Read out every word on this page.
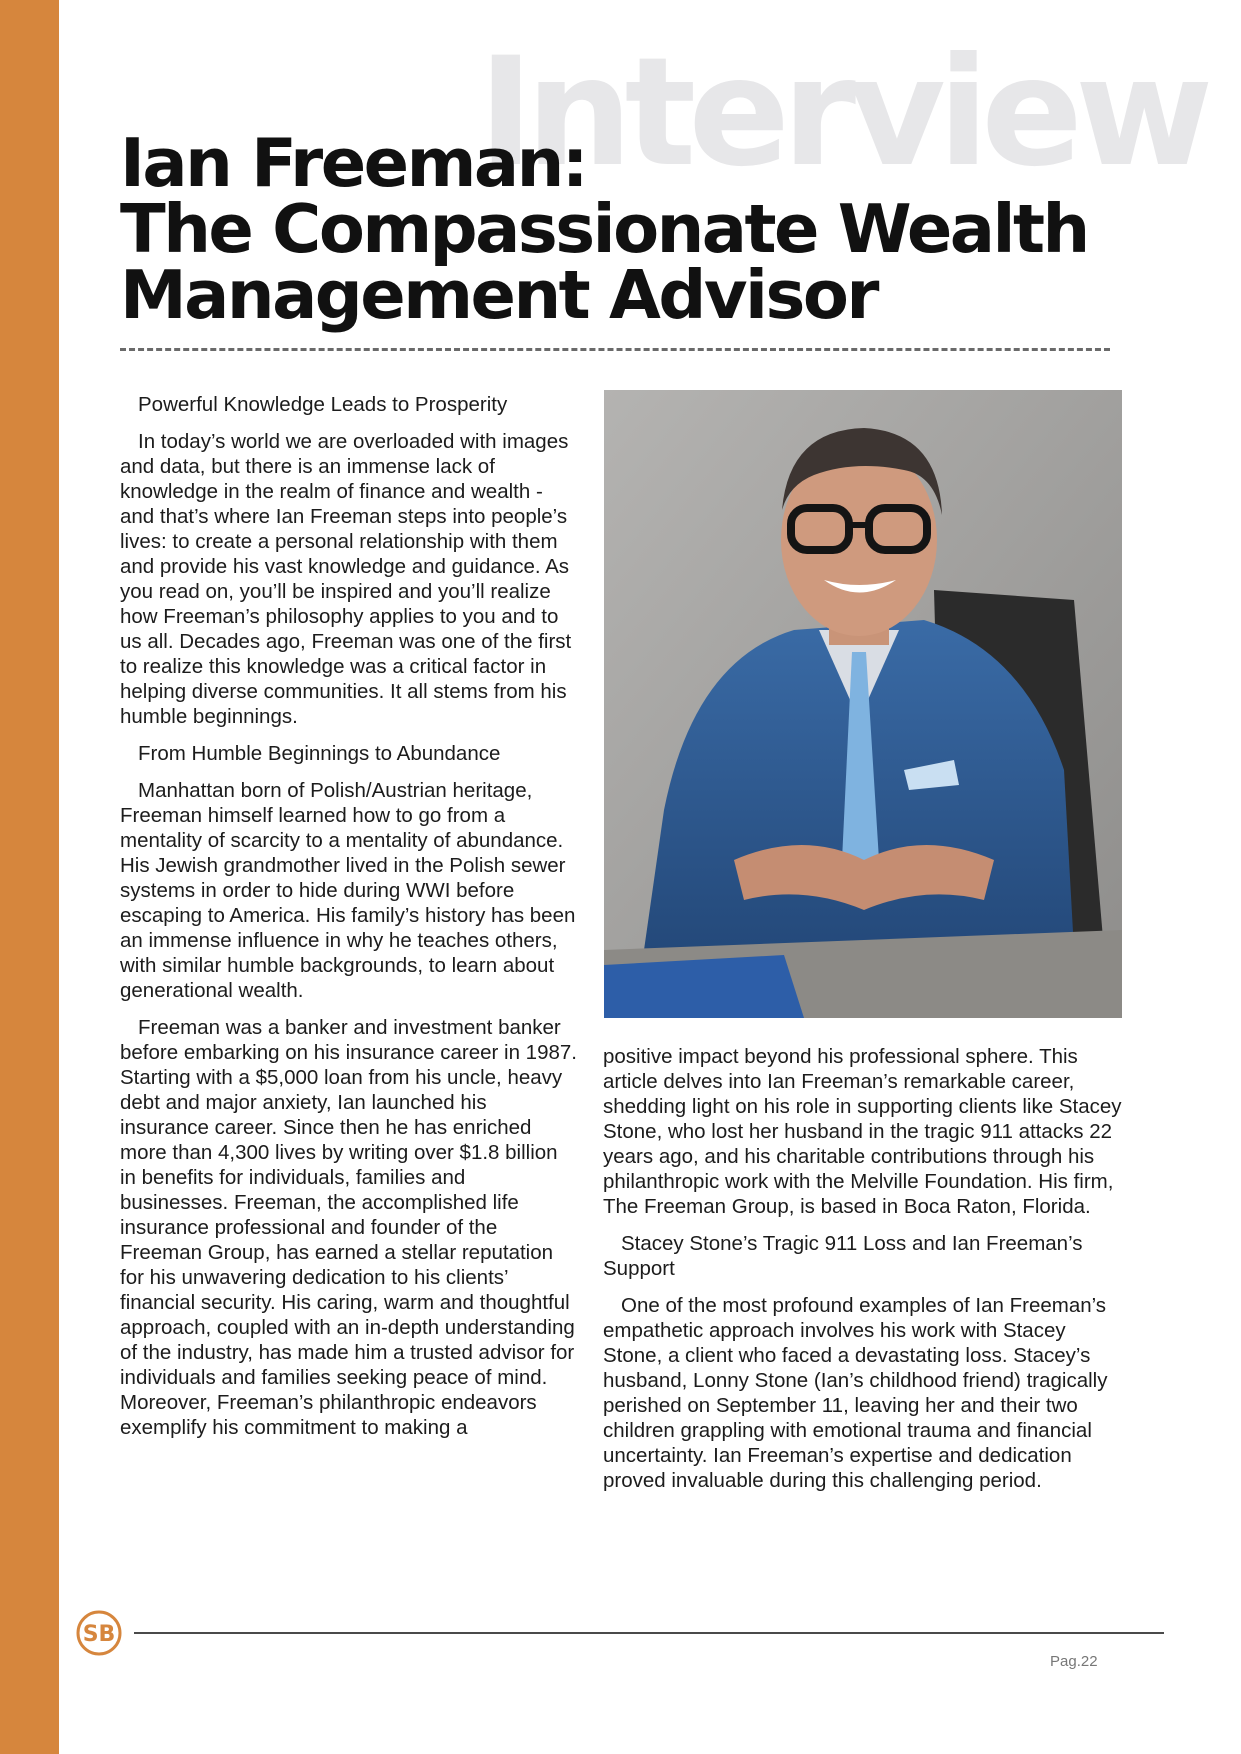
Interview
Ian Freeman:
The Compassionate Wealth
Management Advisor

Powerful Knowledge Leads to Prosperity

In today’s world we are overloaded with images and data, but there is an immense lack of knowledge in the realm of finance and wealth - and that’s where Ian Freeman steps into people’s lives: to create a personal relationship with them and provide his vast knowledge and guidance. As you read on, you’ll be inspired and you’ll realize how Freeman’s philosophy applies to you and to us all. Decades ago, Freeman was one of the first to realize this knowledge was a critical factor in helping diverse communities. It all stems from his humble beginnings.

From Humble Beginnings to Abundance

Manhattan born of Polish/Austrian heritage, Freeman himself learned how to go from a mentality of scarcity to a mentality of abundance. His Jewish grandmother lived in the Polish sewer systems in order to hide during WWI before escaping to America. His family’s history has been an immense influence in why he teaches others, with similar humble backgrounds, to learn about generational wealth.

Freeman was a banker and investment banker before embarking on his insurance career in 1987. Starting with a $5,000 loan from his uncle, heavy debt and major anxiety, Ian launched his insurance career. Since then he has enriched more than 4,300 lives by writing over $1.8 billion in benefits for individuals, families and businesses. Freeman, the accomplished life insurance professional and founder of the Freeman Group, has earned a stellar reputation for his unwavering dedication to his clients’ financial security. His caring, warm and thoughtful approach, coupled with an in-depth understanding of the industry, has made him a trusted advisor for individuals and families seeking peace of mind. Moreover, Freeman’s philanthropic endeavors exemplify his commitment to making a

positive impact beyond his professional sphere. This article delves into Ian Freeman’s remarkable career, shedding light on his role in supporting clients like Stacey Stone, who lost her husband in the tragic 911 attacks 22 years ago, and his charitable contributions through his philanthropic work with the Melville Foundation. His firm, The Freeman Group, is based in Boca Raton, Florida.

Stacey Stone’s Tragic 911 Loss and Ian Freeman’s Support

One of the most profound examples of Ian Freeman’s empathetic approach involves his work with Stacey Stone, a client who faced a devastating loss. Stacey’s husband, Lonny Stone (Ian’s childhood friend) tragically perished on September 11, leaving her and their two children grappling with emotional trauma and financial uncertainty. Ian Freeman’s expertise and dedication proved invaluable during this challenging period.

SB
Pag.22
